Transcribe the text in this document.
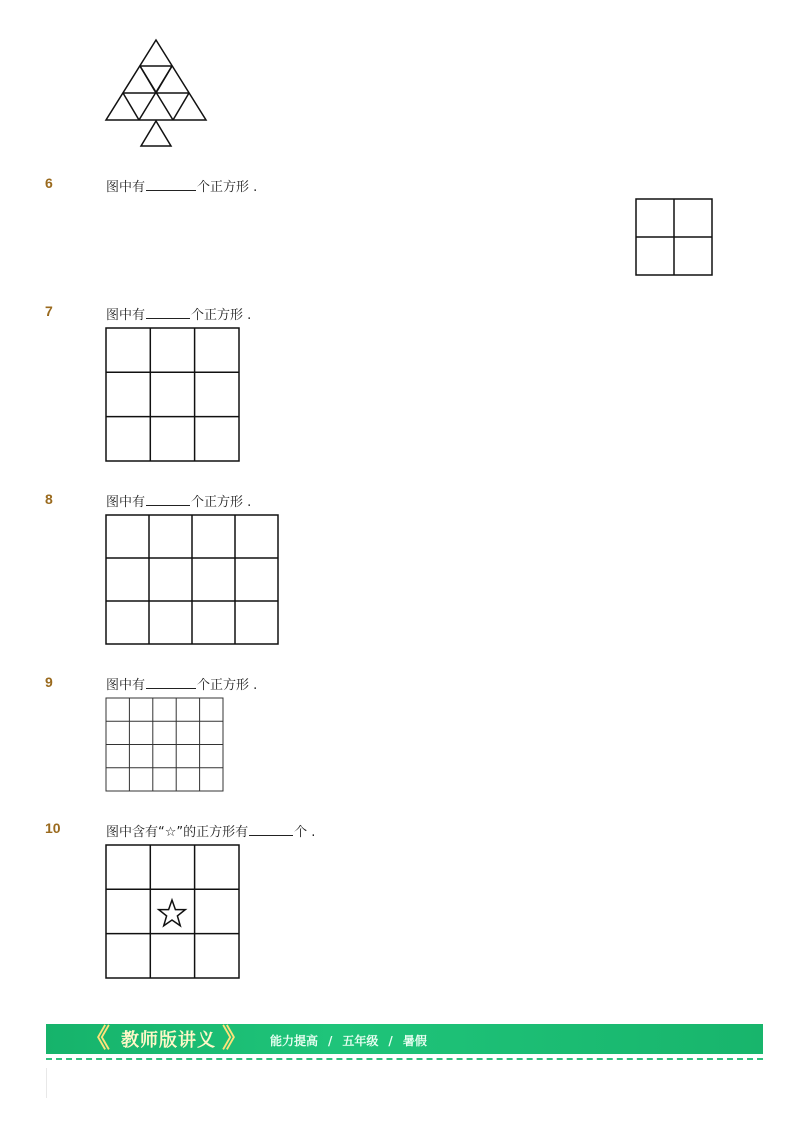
6	图中有	个正方形 .
7	图中有	个正方形 .
8	图中有	个正方形 .
9	图中有	个正方形 .
10	图中含有“☆”的正方形有	个 .
《 教师版讲义 》 能力提高 / 五年级 / 暑假
